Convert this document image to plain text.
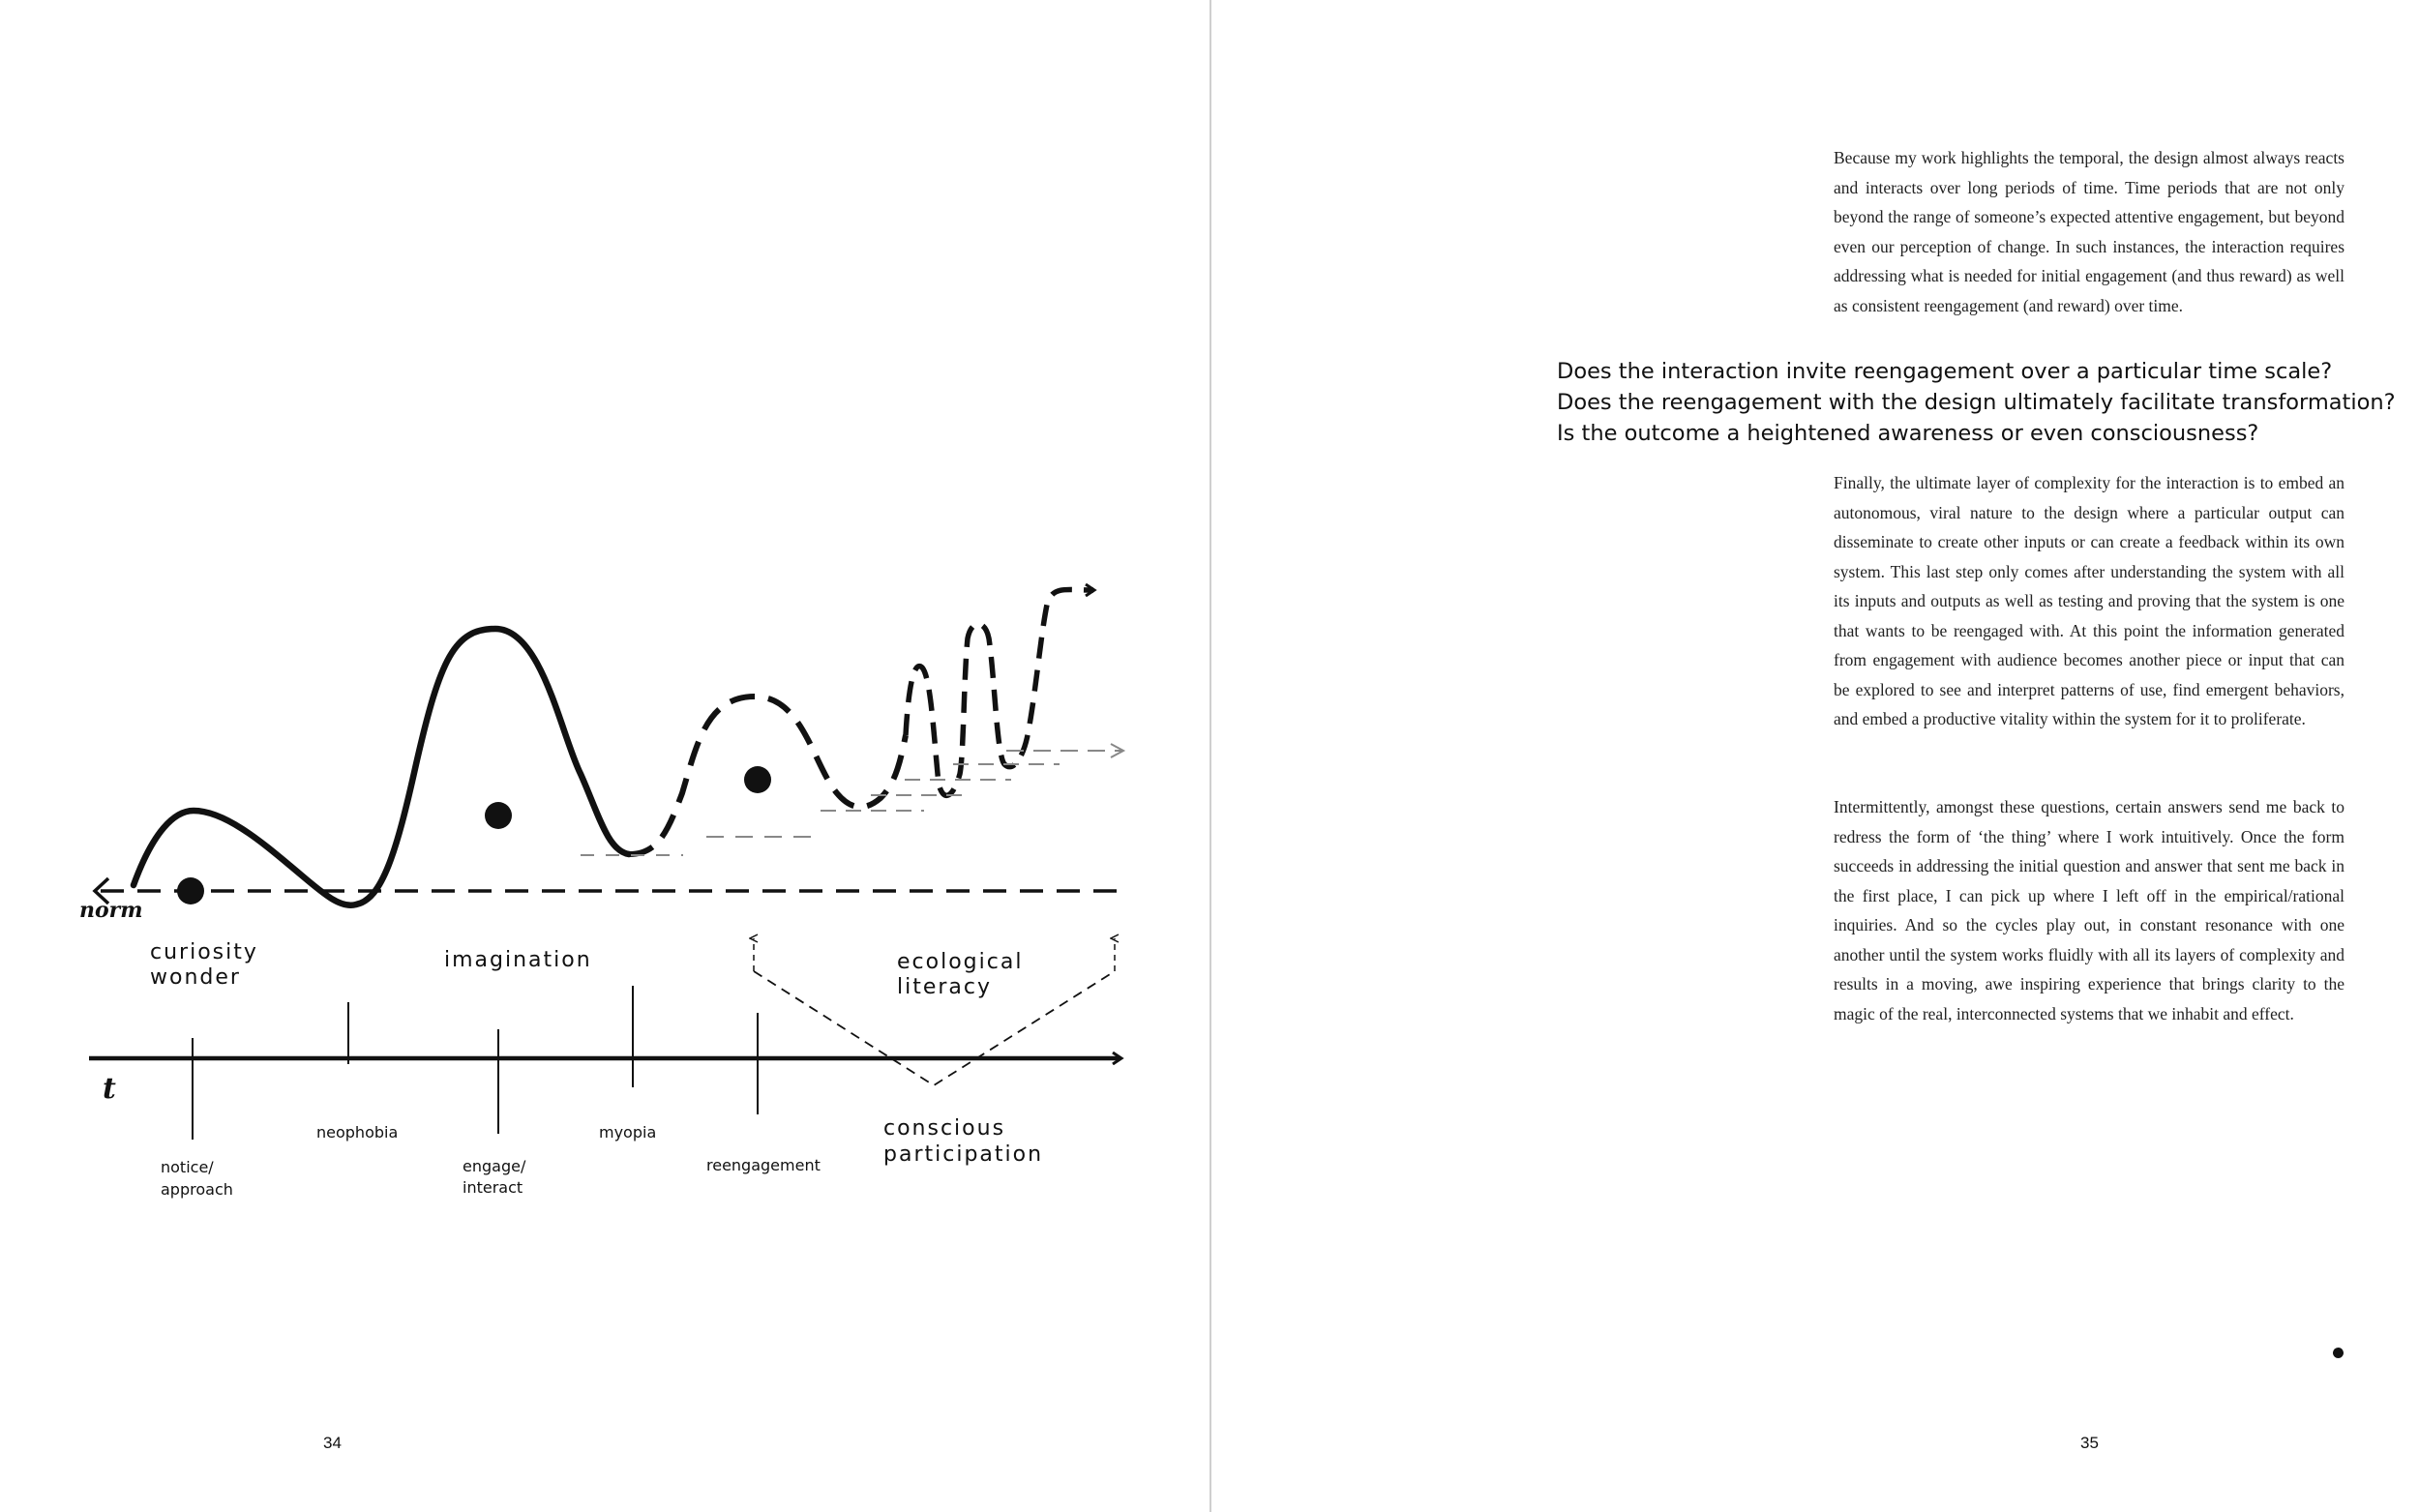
norm
curiosity
wonder
imagination	ecological
literacy
t
notice/
approach
neophobia
engage/
interact
myopia
reengagement
conscious
participation
34

Because my work highlights the temporal, the design almost always reacts and interacts over long periods of time. Time periods that are not only beyond the range of someone’s expected attentive engagement, but beyond even our perception of change. In such instances, the interaction requires addressing what is needed for initial engagement (and thus reward) as well as consistent reengagement (and reward) over time.

Does the interaction invite reengagement over a particular time scale?
Does the reengagement with the design ultimately facilitate transformation?
Is the outcome a heightened awareness or even consciousness?

Finally, the ultimate layer of complexity for the interaction is to embed an autonomous, viral nature to the design where a particular output can disseminate to create other inputs or can create a feedback within its own system. This last step only comes after understanding the system with all its inputs and outputs as well as testing and proving that the system is one that wants to be reengaged with. At this point the information generated from engagement with audience becomes another piece or input that can be explored to see and interpret patterns of use, find emergent behaviors, and embed a productive vitality within the system for it to proliferate.

Intermittently, amongst these questions, certain answers send me back to redress the form of ‘the thing’ where I work intuitively. Once the form succeeds in addressing the initial question and answer that sent me back in the first place, I can pick up where I left off in the empirical/rational inquiries. And so the cycles play out, in constant resonance with one another until the system works fluidly with all its layers of complexity and results in a moving, awe inspiring experience that brings clarity to the magic of the real, interconnected systems that we inhabit and effect.

35
